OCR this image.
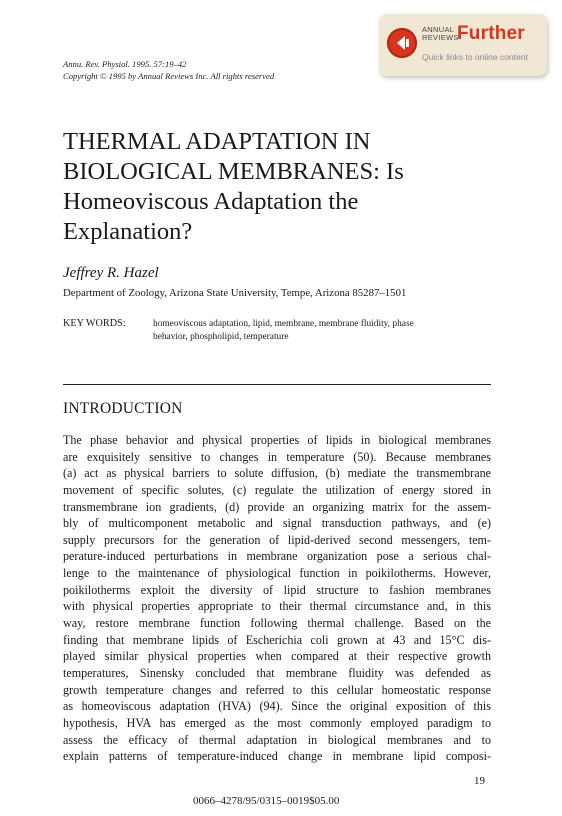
ANNUAL
REVIEWS
Further
Quick links to online content
Annu. Rev. Physiol. 1995. 57:19–42
Copyright © 1995 by Annual Reviews Inc. All rights reserved
THERMAL ADAPTATION IN
BIOLOGICAL MEMBRANES: Is
Homeoviscous Adaptation the
Explanation?
Jeffrey R. Hazel
Department of Zoology, Arizona State University, Tempe, Arizona 85287–1501
KEY WORDS:	homeoviscous adaptation, lipid, membrane, membrane fluidity, phase
behavior, phospholipid, temperature
INTRODUCTION
The phase behavior and physical properties of lipids in biological membranes
are exquisitely sensitive to changes in temperature (50). Because membranes
(a) act as physical barriers to solute diffusion, (b) mediate the transmembrane
movement of specific solutes, (c) regulate the utilization of energy stored in
transmembrane ion gradients, (d) provide an organizing matrix for the assem-
bly of multicomponent metabolic and signal transduction pathways, and (e)
supply precursors for the generation of lipid-derived second messengers, tem-
perature-induced perturbations in membrane organization pose a serious chal-
lenge to the maintenance of physiological function in poikilotherms. However,
poikilotherms exploit the diversity of lipid structure to fashion membranes
with physical properties appropriate to their thermal circumstance and, in this
way, restore membrane function following thermal challenge. Based on the
finding that membrane lipids of Escherichia coli grown at 43 and 15°C dis-
played similar physical properties when compared at their respective growth
temperatures, Sinensky concluded that membrane fluidity was defended as
growth temperature changes and referred to this cellular homeostatic response
as homeoviscous adaptation (HVA) (94). Since the original exposition of this
hypothesis, HVA has emerged as the most commonly employed paradigm to
assess the efficacy of thermal adaptation in biological membranes and to
explain patterns of temperature-induced change in membrane lipid composi-
19
0066–4278/95/0315–0019$05.00
